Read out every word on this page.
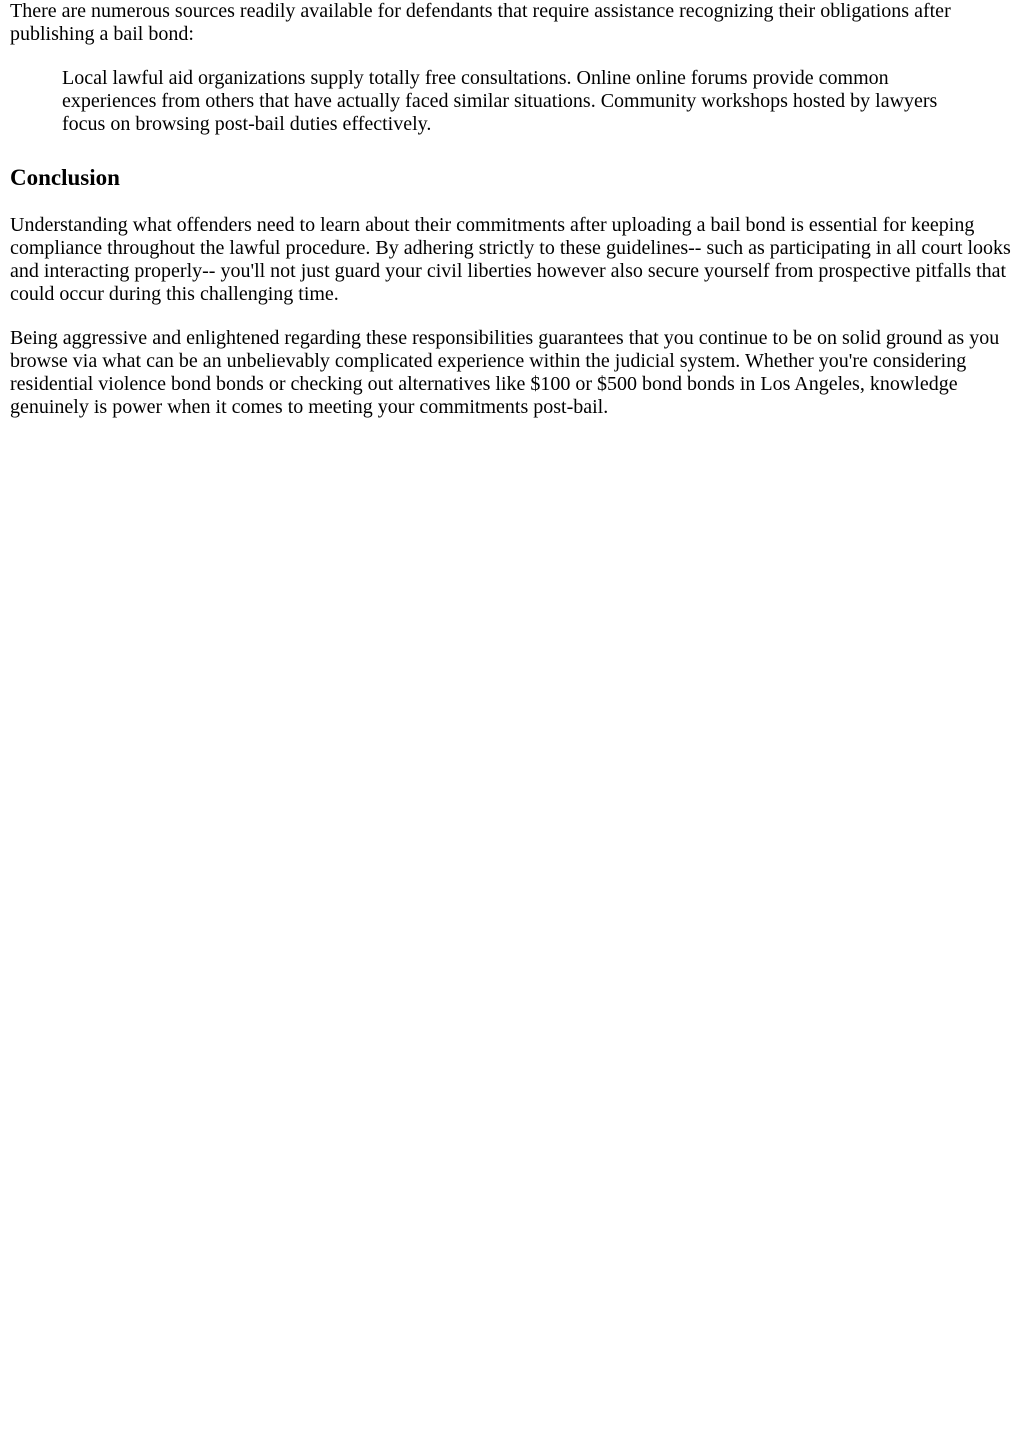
There are numerous sources readily available for defendants that require assistance recognizing their obligations after publishing a bail bond:

Local lawful aid organizations supply totally free consultations. Online online forums provide common experiences from others that have actually faced similar situations. Community workshops hosted by lawyers focus on browsing post-bail duties effectively.
Conclusion

Understanding what offenders need to learn about their commitments after uploading a bail bond is essential for keeping compliance throughout the lawful procedure. By adhering strictly to these guidelines-- such as participating in all court looks and interacting properly-- you'll not just guard your civil liberties however also secure yourself from prospective pitfalls that could occur during this challenging time.

Being aggressive and enlightened regarding these responsibilities guarantees that you continue to be on solid ground as you browse via what can be an unbelievably complicated experience within the judicial system. Whether you're considering residential violence bond bonds or checking out alternatives like $100 or $500 bond bonds in Los Angeles, knowledge genuinely is power when it comes to meeting your commitments post-bail.
